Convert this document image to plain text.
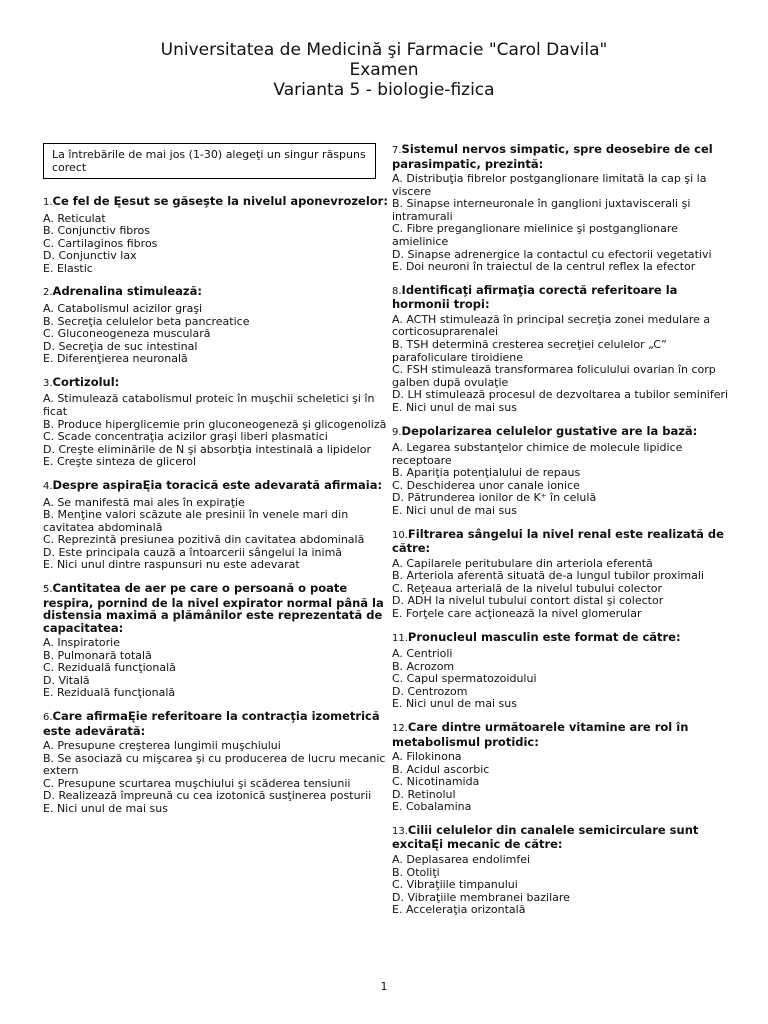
Universitatea de Medicină şi Farmacie "Carol Davila"
Examen
Varianta 5 - biologie-fizica
La întrebările de mai jos (1-30) alegeţi un singur răspuns corect
1.Ce fel de Ęesut se găseşte la nivelul aponevrozelor:
A. Reticulat
B. Conjunctiv fibros
C. Cartilaginos fibros
D. Conjunctiv lax
E. Elastic
2.Adrenalina stimulează:
A. Catabolismul acizilor graşi
B. Secreţia celulelor beta pancreatice
C. Gluconeogeneza musculară
D. Secreţia de suc intestinal
E. Diferenţierea neuronală
3.Cortizolul:
A. Stimulează catabolismul proteic în muşchii scheletici şi în ficat
B. Produce hiperglicemie prin gluconeogeneză şi glicogenoliză
C. Scade concentraţia acizilor graşi liberi plasmatici
D. Creşte eliminările de N şi absorbţia intestinală a lipidelor
E. Creşte sinteza de glicerol
4.Despre aspiraĘia toracică este adevarată afirmaia:
A. Se manifestă mai ales în expiraţie
B. Menţine valori scăzute ale presinii în venele mari din cavitatea abdominală
C. Reprezintă presiunea pozitivă din cavitatea abdominală
D. Este principala cauză a întoarcerii sângelui la inimă
E. Nici unul dintre raspunsuri nu este adevarat
5.Cantitatea de aer pe care o persoană o poate respira, pornind de la nivel expirator normal până la distensia maximă a plămânilor este reprezentată de capacitatea:
A. Inspiratorie
B. Pulmonară totală
C. Reziduală funcţională
D. Vitală
E. Reziduală funcţională
6.Care afirmaĘie referitoare la contracţia izometrică este adevărată:
A. Presupune creşterea lungimii muşchiului
B. Se asociază cu mişcarea şi cu producerea de lucru mecanic extern
C. Presupune scurtarea muşchiului şi scăderea tensiunii
D. Realizează împreună cu cea izotonică susţinerea posturii
E. Nici unul de mai sus
7.Sistemul nervos simpatic, spre deosebire de cel parasimpatic, prezintă:
A. Distribuţia fibrelor postganglionare limitată la cap şi la viscere
B. Sinapse interneuronale în ganglioni juxtaviscerali şi intramurali
C. Fibre preganglionare mielinice şi postganglionare amielinice
D. Sinapse adrenergice la contactul cu efectorii vegetativi
E. Doi neuroni în traiectul de la centrul reflex la efector
8.Identificaţi afirmaţia corectă referitoare la hormonii tropi:
A. ACTH stimulează în principal secreţia zonei medulare a corticosuprarenalei
B. TSH determină cresterea secreţiei celulelor „C” parafoliculare tiroidiene
C. FSH stimulează transformarea foliculului ovarian în corp galben după ovulaţie
D. LH stimulează procesul de dezvoltarea a tubilor seminiferi
E. Nici unul de mai sus
9.Depolarizarea celulelor gustative are la bază:
A. Legarea substanţelor chimice de molecule lipidice receptoare
B. Apariţia potenţialului de repaus
C. Deschiderea unor canale ionice
D. Pătrunderea ionilor de K⁺ în celulă
E. Nici unul de mai sus
10.Filtrarea sângelui la nivel renal este realizată de către:
A. Capilarele peritubulare din arteriola eferentă
B. Arteriola aferentă situată de-a lungul tubilor proximali
C. Reţeaua arterială de la nivelul tubului colector
D. ADH la nivelul tubului contort distal şi colector
E. Forţele care acţionează la nivel glomerular
11.Pronucleul masculin este format de către:
A. Centrioli
B. Acrozom
C. Capul spermatozoidului
D. Centrozom
E. Nici unul de mai sus
12.Care dintre următoarele vitamine are rol în metabolismul protidic:
A. Filokinona
B. Acidul ascorbic
C. Nicotinamida
D. Retinolul
E. Cobalamina
13.Cilii celulelor din canalele semicirculare sunt excitaĘi mecanic de către:
A. Deplasarea endolimfei
B. Otoliţi
C. Vibraţiile timpanului
D. Vibraţiile membranei bazilare
E. Acceleraţia orizontală
1
